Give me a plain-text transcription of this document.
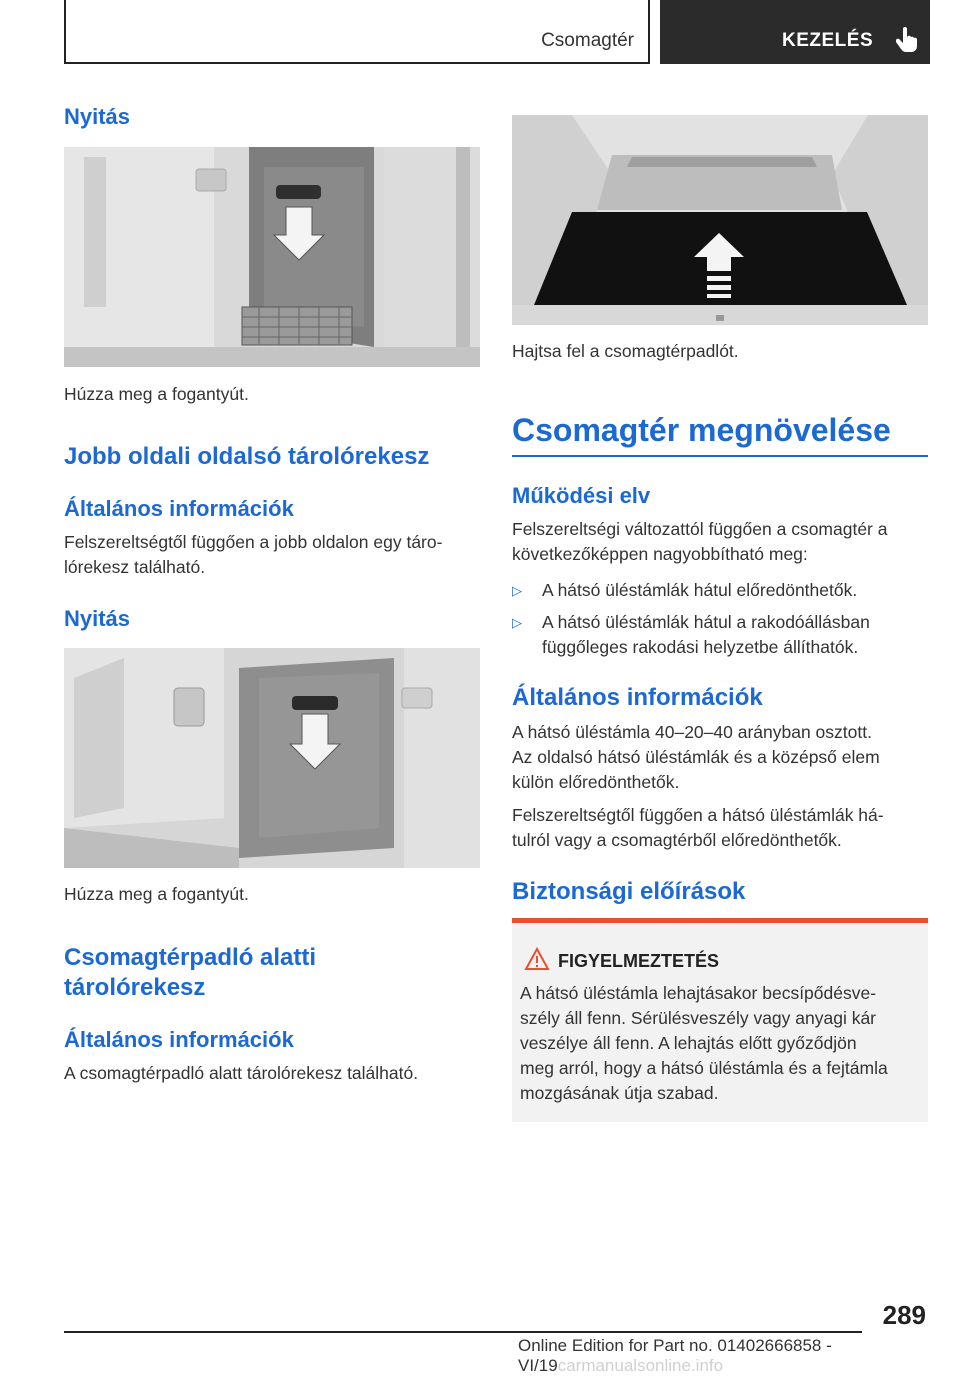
Csomagtér	KEZELÉS
Nyitás
Húzza meg a fogantyút.
Jobb oldali oldalsó tárolórekesz
Általános információk
Felszereltségtől függően a jobb oldalon egy táro-
lórekesz található.
Nyitás
Húzza meg a fogantyút.
Csomagtérpadló alatti
tárolórekesz
Általános információk
A csomagtérpadló alatt tárolórekesz található.
Hajtsa fel a csomagtérpadlót.
Csomagtér megnövelése
Működési elv
Felszereltségi változattól függően a csomagtér a
következőképpen nagyobbítható meg:
▷ A hátsó üléstámlák hátul előredönthetők.
▷ A hátsó üléstámlák hátul a rakodóállásban
függőleges rakodási helyzetbe állíthatók.
Általános információk
A hátsó üléstámla 40–20–40 arányban osztott.
Az oldalsó hátsó üléstámlák és a középső elem
külön előredönthetők.
Felszereltségtől függően a hátsó üléstámlák há-
tulról vagy a csomagtérből előredönthetők.
Biztonsági előírások
FIGYELMEZTETÉS
A hátsó üléstámla lehajtásakor becsípődésve-
szély áll fenn. Sérülésveszély vagy anyagi kár
veszélye áll fenn. A lehajtás előtt győződjön
meg arról, hogy a hátsó üléstámla és a fejtámla
mozgásának útja szabad.
289
Online Edition for Part no. 01402666858 - VI/19carmanualsonline.info
